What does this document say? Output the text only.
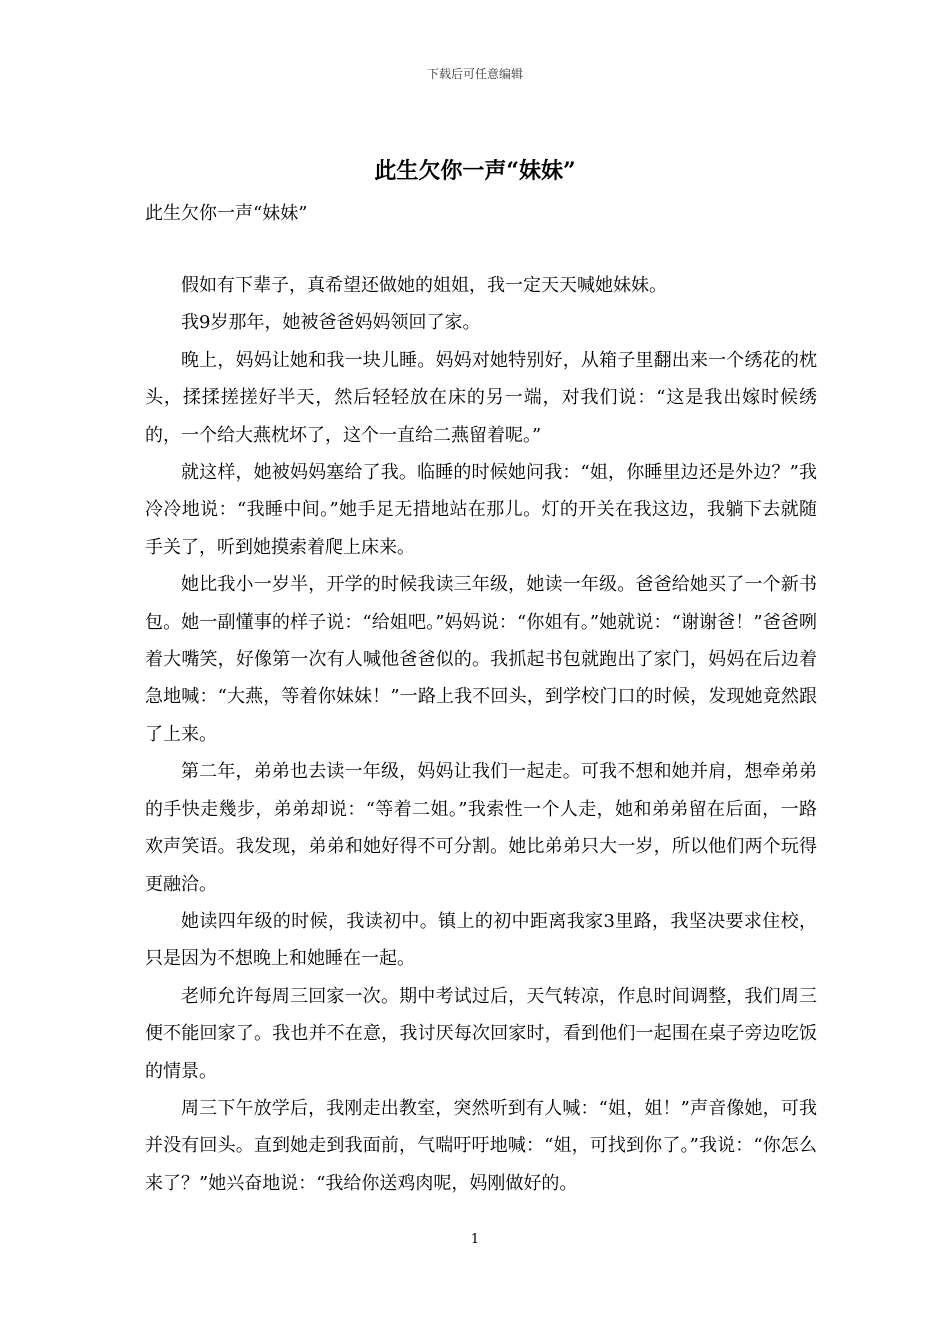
下载后可任意编辑
此生欠你一声“妹妹”

此生欠你一声“妹妹”

假如有下辈子，真希望还做她的姐姐，我一定天天喊她妹妹。

我9岁那年，她被爸爸妈妈领回了家。

晚上，妈妈让她和我一块儿睡。妈妈对她特别好，从箱子里翻出来一个绣花的枕头，揉揉搓搓好半天，然后轻轻放在床的另一端，对我们说：“这是我出嫁时候绣的，一个给大燕枕坏了，这个一直给二燕留着呢。”

就这样，她被妈妈塞给了我。临睡的时候她问我：“姐，你睡里边还是外边？”我冷冷地说：“我睡中间。”她手足无措地站在那儿。灯的开关在我这边，我躺下去就随手关了，听到她摸索着爬上床来。

她比我小一岁半，开学的时候我读三年级，她读一年级。爸爸给她买了一个新书包。她一副懂事的样子说：“给姐吧。”妈妈说：“你姐有。”她就说：“谢谢爸！”爸爸咧着大嘴笑，好像第一次有人喊他爸爸似的。我抓起书包就跑出了家门，妈妈在后边着急地喊：“大燕，等着你妹妹！”一路上我不回头，到学校门口的时候，发现她竟然跟了上来。

第二年，弟弟也去读一年级，妈妈让我们一起走。可我不想和她并肩，想牵弟弟的手快走幾步，弟弟却说：“等着二姐。”我索性一个人走，她和弟弟留在后面，一路欢声笑语。我发现，弟弟和她好得不可分割。她比弟弟只大一岁，所以他们两个玩得更融洽。

她读四年级的时候，我读初中。镇上的初中距离我家3里路，我坚决要求住校，只是因为不想晚上和她睡在一起。

老师允许每周三回家一次。期中考试过后，天气转凉，作息时间调整，我们周三便不能回家了。我也并不在意，我讨厌每次回家时，看到他们一起围在桌子旁边吃饭的情景。

周三下午放学后，我刚走出教室，突然听到有人喊：“姐，姐！”声音像她，可我并没有回头。直到她走到我面前，气喘吁吁地喊：“姐，可找到你了。”我说：“你怎么来了？”她兴奋地说：“我给你送鸡肉呢，妈刚做好的。

1
